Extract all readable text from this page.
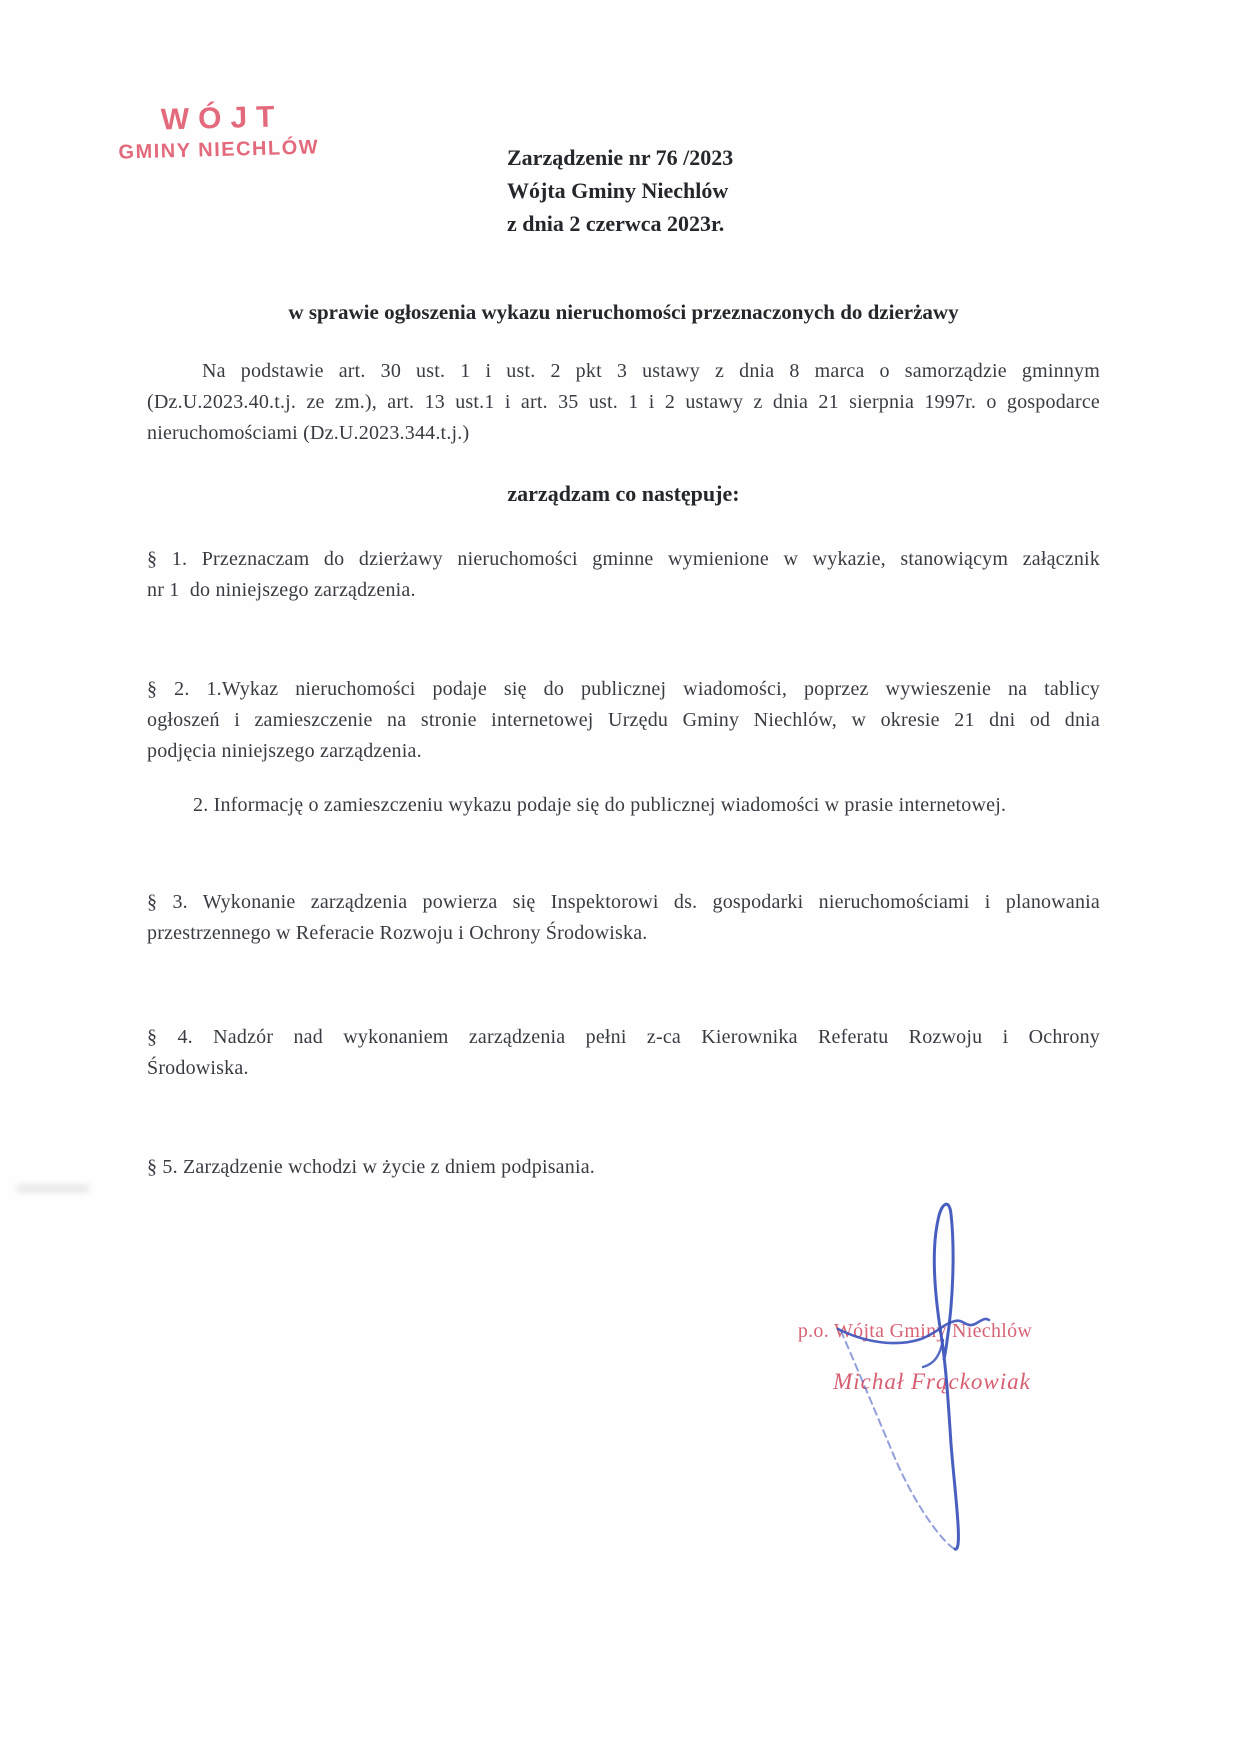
WÓJT
GMINY NIECHLÓW	Zarządzenie nr 76 /2023
Wójta Gminy Niechlów
z dnia 2 czerwca 2023r.
w sprawie ogłoszenia wykazu nieruchomości przeznaczonych do dzierżawy
Na podstawie art. 30 ust. 1 i ust. 2 pkt 3 ustawy z dnia 8 marca o samorządzie gminnym
(Dz.U.2023.40.t.j. ze zm.), art. 13 ust.1 i art. 35 ust. 1 i 2 ustawy z dnia 21 sierpnia 1997r. o gospodarce
nieruchomościami (Dz.U.2023.344.t.j.)
zarządzam co następuje:
§ 1. Przeznaczam do dzierżawy nieruchomości gminne wymienione w wykazie, stanowiącym załącznik
nr 1  do niniejszego zarządzenia.
§ 2. 1.Wykaz nieruchomości podaje się do publicznej wiadomości, poprzez wywieszenie na tablicy
ogłoszeń i zamieszczenie na stronie internetowej Urzędu Gminy Niechlów, w okresie 21 dni od dnia
podjęcia niniejszego zarządzenia.
2. Informację o zamieszczeniu wykazu podaje się do publicznej wiadomości w prasie internetowej.
§ 3. Wykonanie zarządzenia powierza się Inspektorowi ds. gospodarki nieruchomościami i planowania
przestrzennego w Referacie Rozwoju i Ochrony Środowiska.
§ 4. Nadzór nad wykonaniem zarządzenia pełni z-ca Kierownika Referatu Rozwoju i Ochrony
Środowiska.
§ 5. Zarządzenie wchodzi w życie z dniem podpisania.
p.o. Wójta Gminy Niechlów
Michał Frąckowiak
